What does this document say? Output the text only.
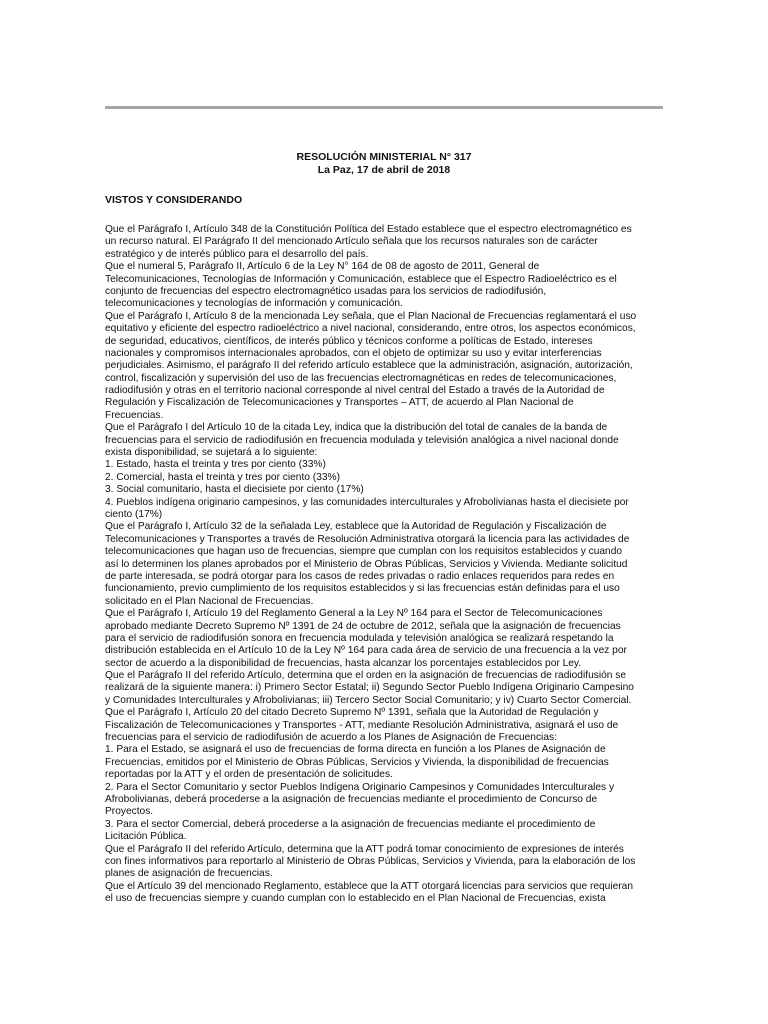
RESOLUCIÓN MINISTERIAL N° 317
La Paz, 17 de abril de 2018
VISTOS Y CONSIDERANDO
Que el Parágrafo I, Artículo 348 de la Constitución Política del Estado establece que el espectro electromagnético es
un recurso natural. El Parágrafo II del mencionado Artículo señala que los recursos naturales son de carácter
estratégico y de interés público para el desarrollo del país.
Que el numeral 5, Parágrafo II, Artículo 6 de la Ley N° 164 de 08 de agosto de 2011, General de
Telecomunicaciones, Tecnologías de Información y Comunicación, establece que el Espectro Radioeléctrico es el
conjunto de frecuencias del espectro electromagnético usadas para los servicios de radiodifusión,
telecomunicaciones y tecnologías de información y comunicación.
Que el Parágrafo I, Artículo 8 de la mencionada Ley señala, que el Plan Nacional de Frecuencias reglamentará el uso
equitativo y eficiente del espectro radioeléctrico a nivel nacional, considerando, entre otros, los aspectos económicos,
de seguridad, educativos, científicos, de interés público y técnicos conforme a políticas de Estado, intereses
nacionales y compromisos internacionales aprobados, con el objeto de optimizar su uso y evitar interferencias
perjudiciales. Asimismo, el parágrafo II del referido artículo establece que la administración, asignación, autorización,
control, fiscalización y supervisión del uso de las frecuencias electromagnéticas en redes de telecomunicaciones,
radiodifusión y otras en el territorio nacional corresponde al nivel central del Estado a través de la Autoridad de
Regulación y Fiscalización de Telecomunicaciones y Transportes – ATT, de acuerdo al Plan Nacional de
Frecuencias.
Que el Parágrafo I del Artículo 10 de la citada Ley, indica que la distribución del total de canales de la banda de
frecuencias para el servicio de radiodifusión en frecuencia modulada y televisión analógica a nivel nacional donde
exista disponibilidad, se sujetará a lo siguiente:
1. Estado, hasta el treinta y tres por ciento (33%)
2. Comercial, hasta el treinta y tres por ciento (33%)
3. Social comunitario, hasta el diecisiete por ciento (17%)
4. Pueblos indígena originario campesinos, y las comunidades interculturales y Afrobolivianas hasta el diecisiete por
ciento (17%)
Que el Parágrafo I, Artículo 32 de la señalada Ley, establece que la Autoridad de Regulación y Fiscalización de
Telecomunicaciones y Transportes a través de Resolución Administrativa otorgará la licencia para las actividades de
telecomunicaciones que hagan uso de frecuencias, siempre que cumplan con los requisitos establecidos y cuando
así lo determinen los planes aprobados por el Ministerio de Obras Públicas, Servicios y Vivienda. Mediante solicitud
de parte interesada, se podrá otorgar para los casos de redes privadas o radio enlaces requeridos para redes en
funcionamiento, previo cumplimiento de los requisitos establecidos y si las frecuencias están definidas para el uso
solicitado en el Plan Nacional de Frecuencias.
Que el Parágrafo I, Artículo 19 del Reglamento General a la Ley Nº 164 para el Sector de Telecomunicaciones
aprobado mediante Decreto Supremo Nº 1391 de 24 de octubre de 2012, señala que la asignación de frecuencias
para el servicio de radiodifusión sonora en frecuencia modulada y televisión analógica se realizará respetando la
distribución establecida en el Artículo 10 de la Ley Nº 164 para cada área de servicio de una frecuencia a la vez por
sector de acuerdo a la disponibilidad de frecuencias, hasta alcanzar los porcentajes establecidos por Ley.
Que el Parágrafo II del referido Artículo, determina que el orden en la asignación de frecuencias de radiodifusión se
realizará de la siguiente manera: i) Primero Sector Estatal; ii) Segundo Sector Pueblo Indígena Originario Campesino
y Comunidades Interculturales y Afrobolivianas; iii) Tercero Sector Social Comunitario; y iv) Cuarto Sector Comercial.
Que el Parágrafo I, Artículo 20 del citado Decreto Supremo Nº 1391, señala que la Autoridad de Regulación y
Fiscalización de Telecomunicaciones y Transportes - ATT, mediante Resolución Administrativa, asignará el uso de
frecuencias para el servicio de radiodifusión de acuerdo a los Planes de Asignación de Frecuencias:
1. Para el Estado, se asignará el uso de frecuencias de forma directa en función a los Planes de Asignación de
Frecuencias, emitidos por el Ministerio de Obras Públicas, Servicios y Vivienda, la disponibilidad de frecuencias
reportadas por la ATT y el orden de presentación de solicitudes.
2. Para el Sector Comunitario y sector Pueblos Indígena Originario Campesinos y Comunidades Interculturales y
Afrobolivianas, deberá procederse a la asignación de frecuencias mediante el procedimiento de Concurso de
Proyectos.
3. Para el sector Comercial, deberá procederse a la asignación de frecuencias mediante el procedimiento de
Licitación Pública.
Que el Parágrafo II del referido Artículo, determina que la ATT podrá tomar conocimiento de expresiones de interés
con fines informativos para reportarlo al Ministerio de Obras Públicas, Servicios y Vivienda, para la elaboración de los
planes de asignación de frecuencias.
Que el Artículo 39 del mencionado Reglamento, establece que la ATT otorgará licencias para servicios que requieran
el uso de frecuencias siempre y cuando cumplan con lo establecido en el Plan Nacional de Frecuencias, exista
